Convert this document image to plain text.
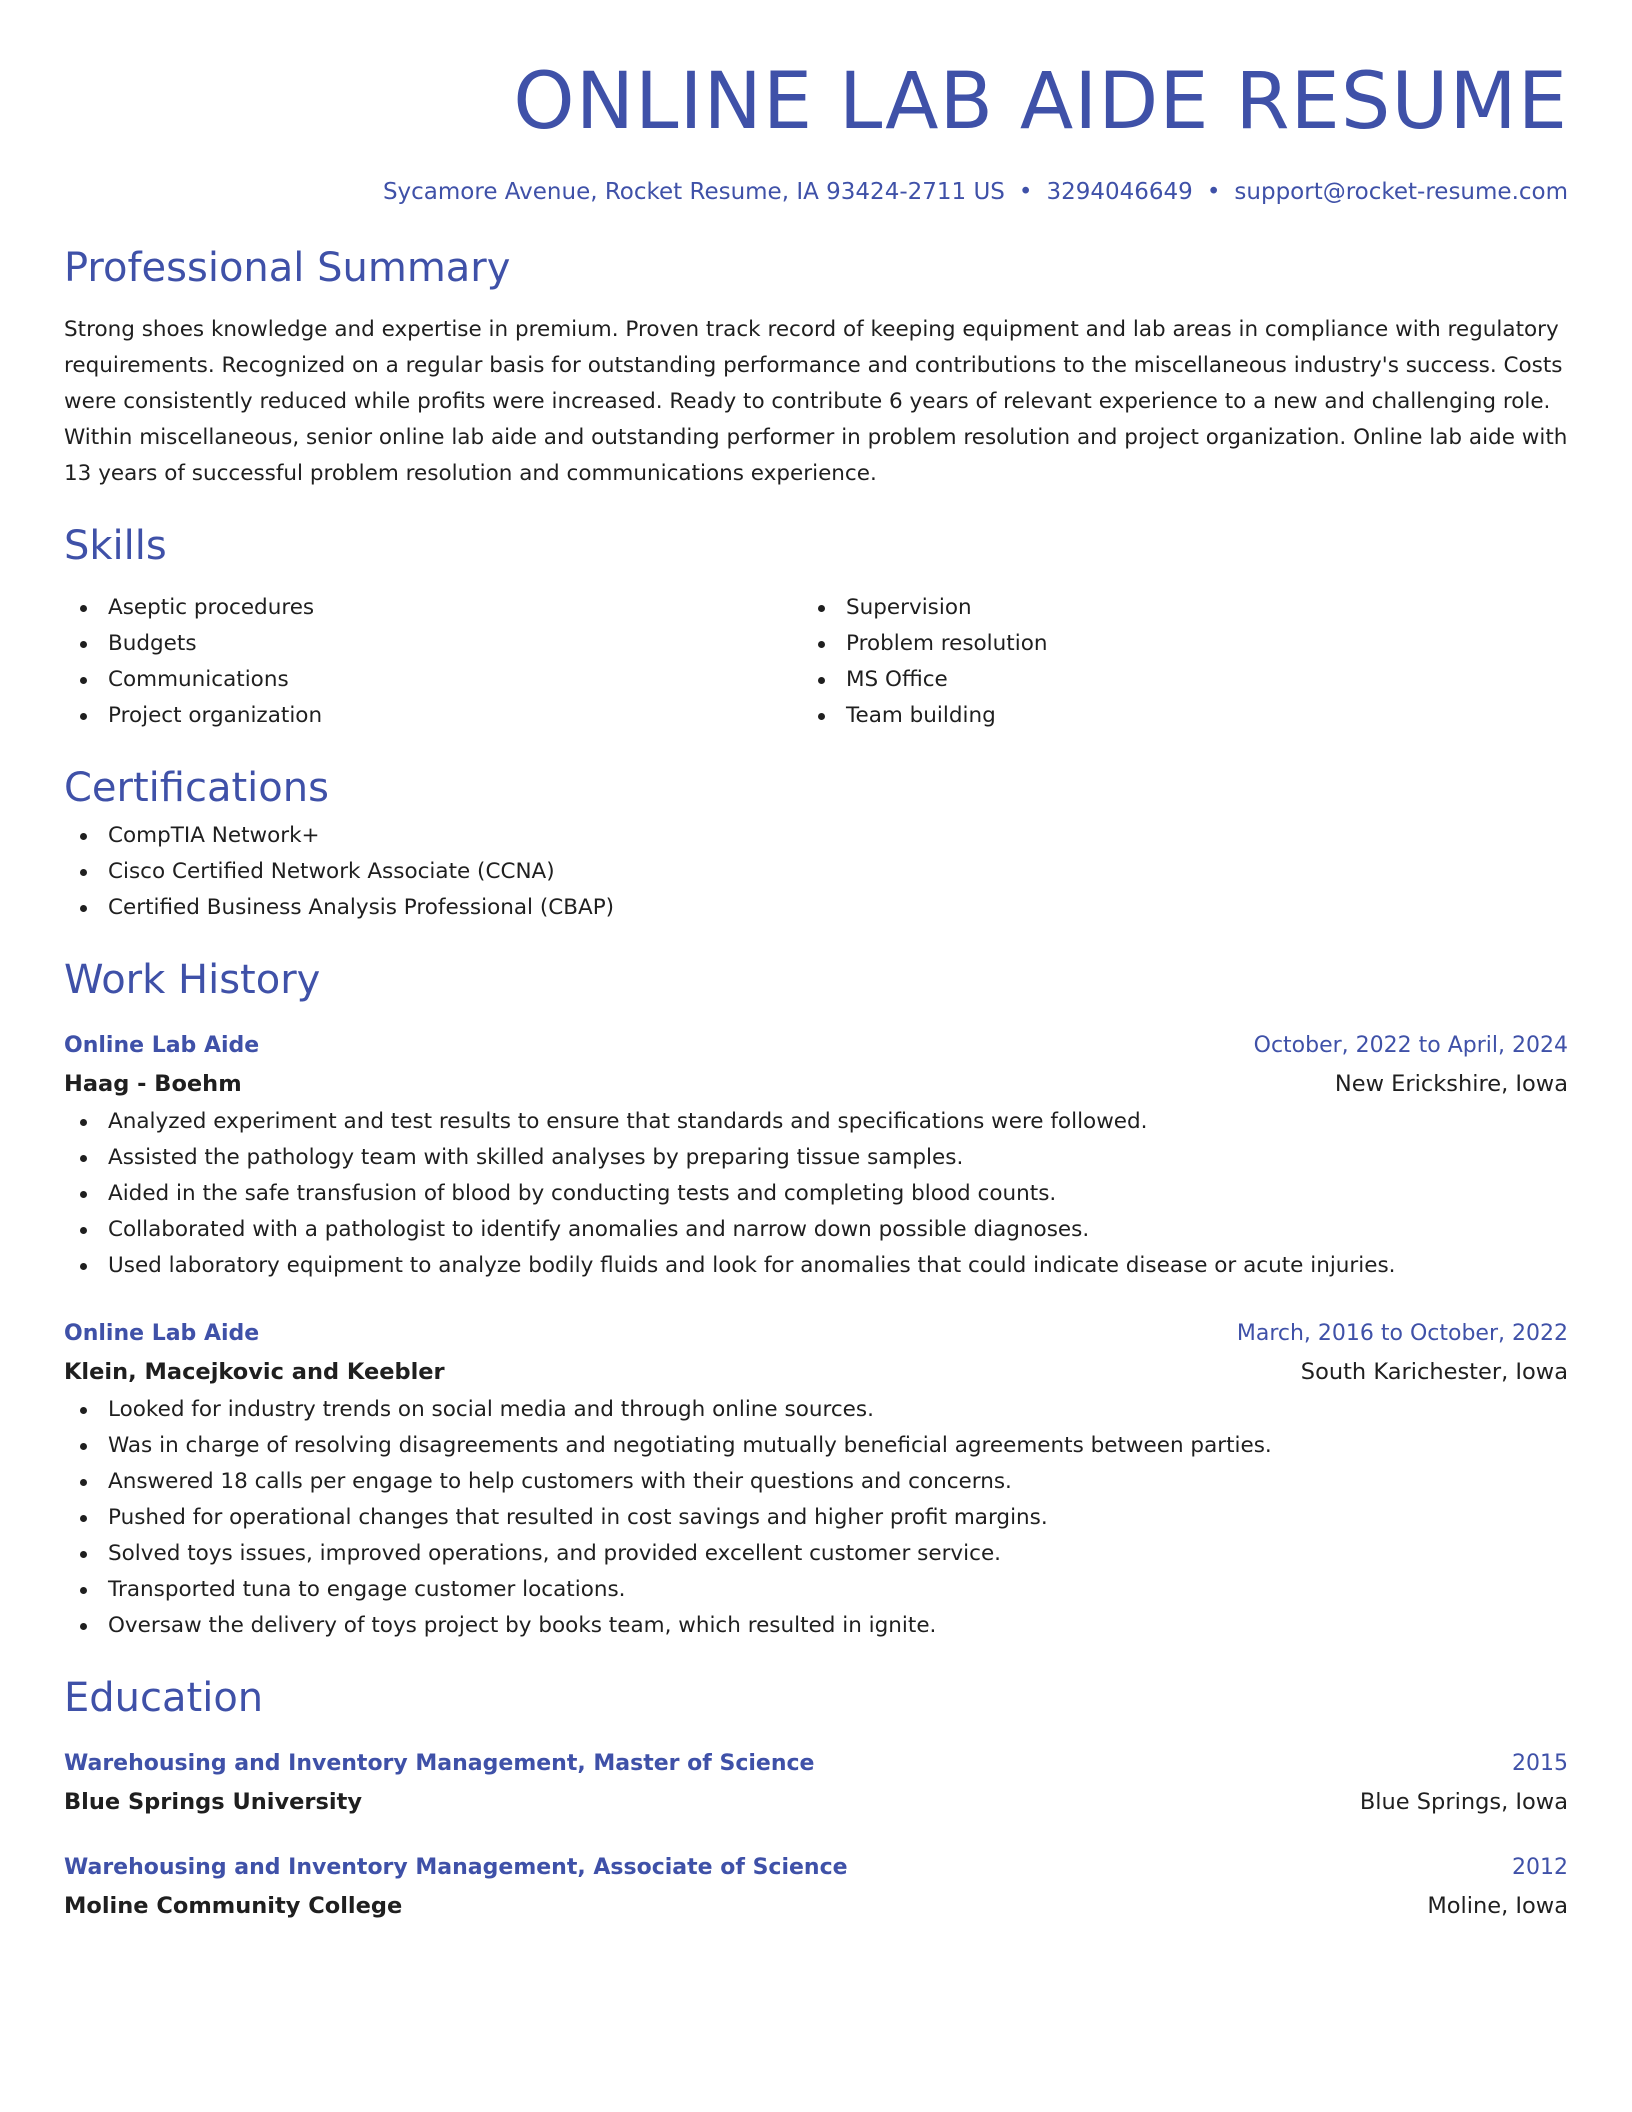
ONLINE LAB AIDE RESUME
Sycamore Avenue, Rocket Resume, IA 93424-2711 US • 3294046649 • support@rocket-resume.com
Professional Summary
Strong shoes knowledge and expertise in premium. Proven track record of keeping equipment and lab areas in compliance with regulatory requirements. Recognized on a regular basis for outstanding performance and contributions to the miscellaneous industry's success. Costs were consistently reduced while profits were increased. Ready to contribute 6 years of relevant experience to a new and challenging role. Within miscellaneous, senior online lab aide and outstanding performer in problem resolution and project organization. Online lab aide with 13 years of successful problem resolution and communications experience.
Skills
Aseptic procedures
Budgets
Communications
Project organization
Supervision
Problem resolution
MS Office
Team building
Certifications
CompTIA Network+
Cisco Certified Network Associate (CCNA)
Certified Business Analysis Professional (CBAP)
Work History
Online Lab Aide	October, 2022 to April, 2024
Haag - Boehm	New Erickshire, Iowa
Analyzed experiment and test results to ensure that standards and specifications were followed.
Assisted the pathology team with skilled analyses by preparing tissue samples.
Aided in the safe transfusion of blood by conducting tests and completing blood counts.
Collaborated with a pathologist to identify anomalies and narrow down possible diagnoses.
Used laboratory equipment to analyze bodily fluids and look for anomalies that could indicate disease or acute injuries.
Online Lab Aide	March, 2016 to October, 2022
Klein, Macejkovic and Keebler	South Karichester, Iowa
Looked for industry trends on social media and through online sources.
Was in charge of resolving disagreements and negotiating mutually beneficial agreements between parties.
Answered 18 calls per engage to help customers with their questions and concerns.
Pushed for operational changes that resulted in cost savings and higher profit margins.
Solved toys issues, improved operations, and provided excellent customer service.
Transported tuna to engage customer locations.
Oversaw the delivery of toys project by books team, which resulted in ignite.
Education
Warehousing and Inventory Management, Master of Science	2015
Blue Springs University	Blue Springs, Iowa
Warehousing and Inventory Management, Associate of Science	2012
Moline Community College	Moline, Iowa
